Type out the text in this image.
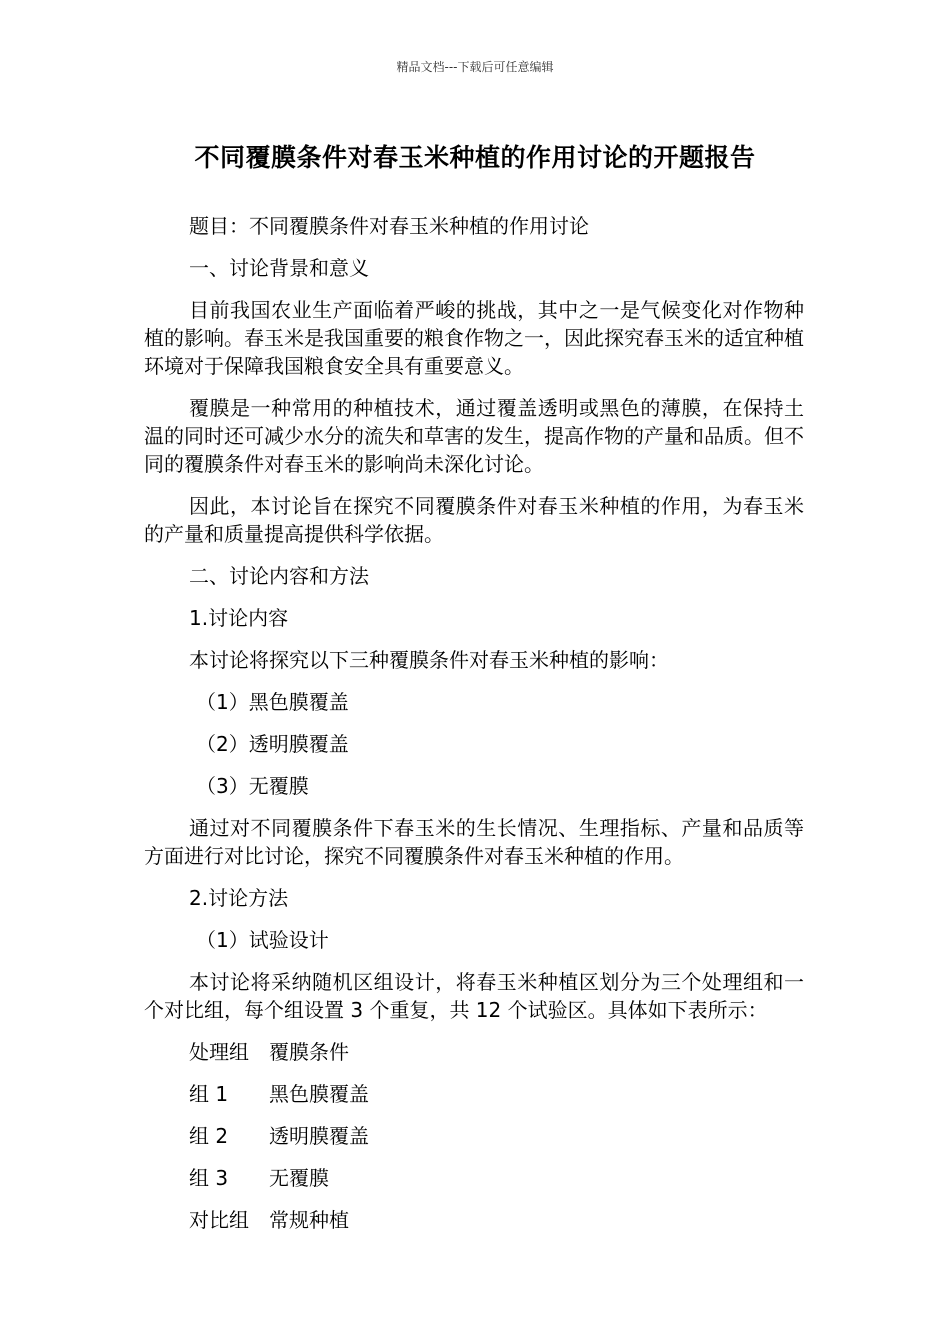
精品文档---下载后可任意编辑
不同覆膜条件对春玉米种植的作用讨论的开题报告

题目：不同覆膜条件对春玉米种植的作用讨论

一、讨论背景和意义

目前我国农业生产面临着严峻的挑战，其中之一是气候变化对作物种植的影响。春玉米是我国重要的粮食作物之一，因此探究春玉米的适宜种植环境对于保障我国粮食安全具有重要意义。

覆膜是一种常用的种植技术，通过覆盖透明或黑色的薄膜，在保持土温的同时还可减少水分的流失和草害的发生，提高作物的产量和品质。但不同的覆膜条件对春玉米的影响尚未深化讨论。

因此，本讨论旨在探究不同覆膜条件对春玉米种植的作用，为春玉米的产量和质量提高提供科学依据。

二、讨论内容和方法

1.讨论内容

本讨论将探究以下三种覆膜条件对春玉米种植的影响：

（1）黑色膜覆盖
（2）透明膜覆盖
（3）无覆膜

通过对不同覆膜条件下春玉米的生长情况、生理指标、产量和品质等方面进行对比讨论，探究不同覆膜条件对春玉米种植的作用。

2.讨论方法

（1）试验设计

本讨论将采纳随机区组设计，将春玉米种植区划分为三个处理组和一个对比组，每个组设置 3 个重复，共 12 个试验区。具体如下表所示：

处理组	覆膜条件
组 1	黑色膜覆盖
组 2	透明膜覆盖
组 3	无覆膜
对比组	常规种植
